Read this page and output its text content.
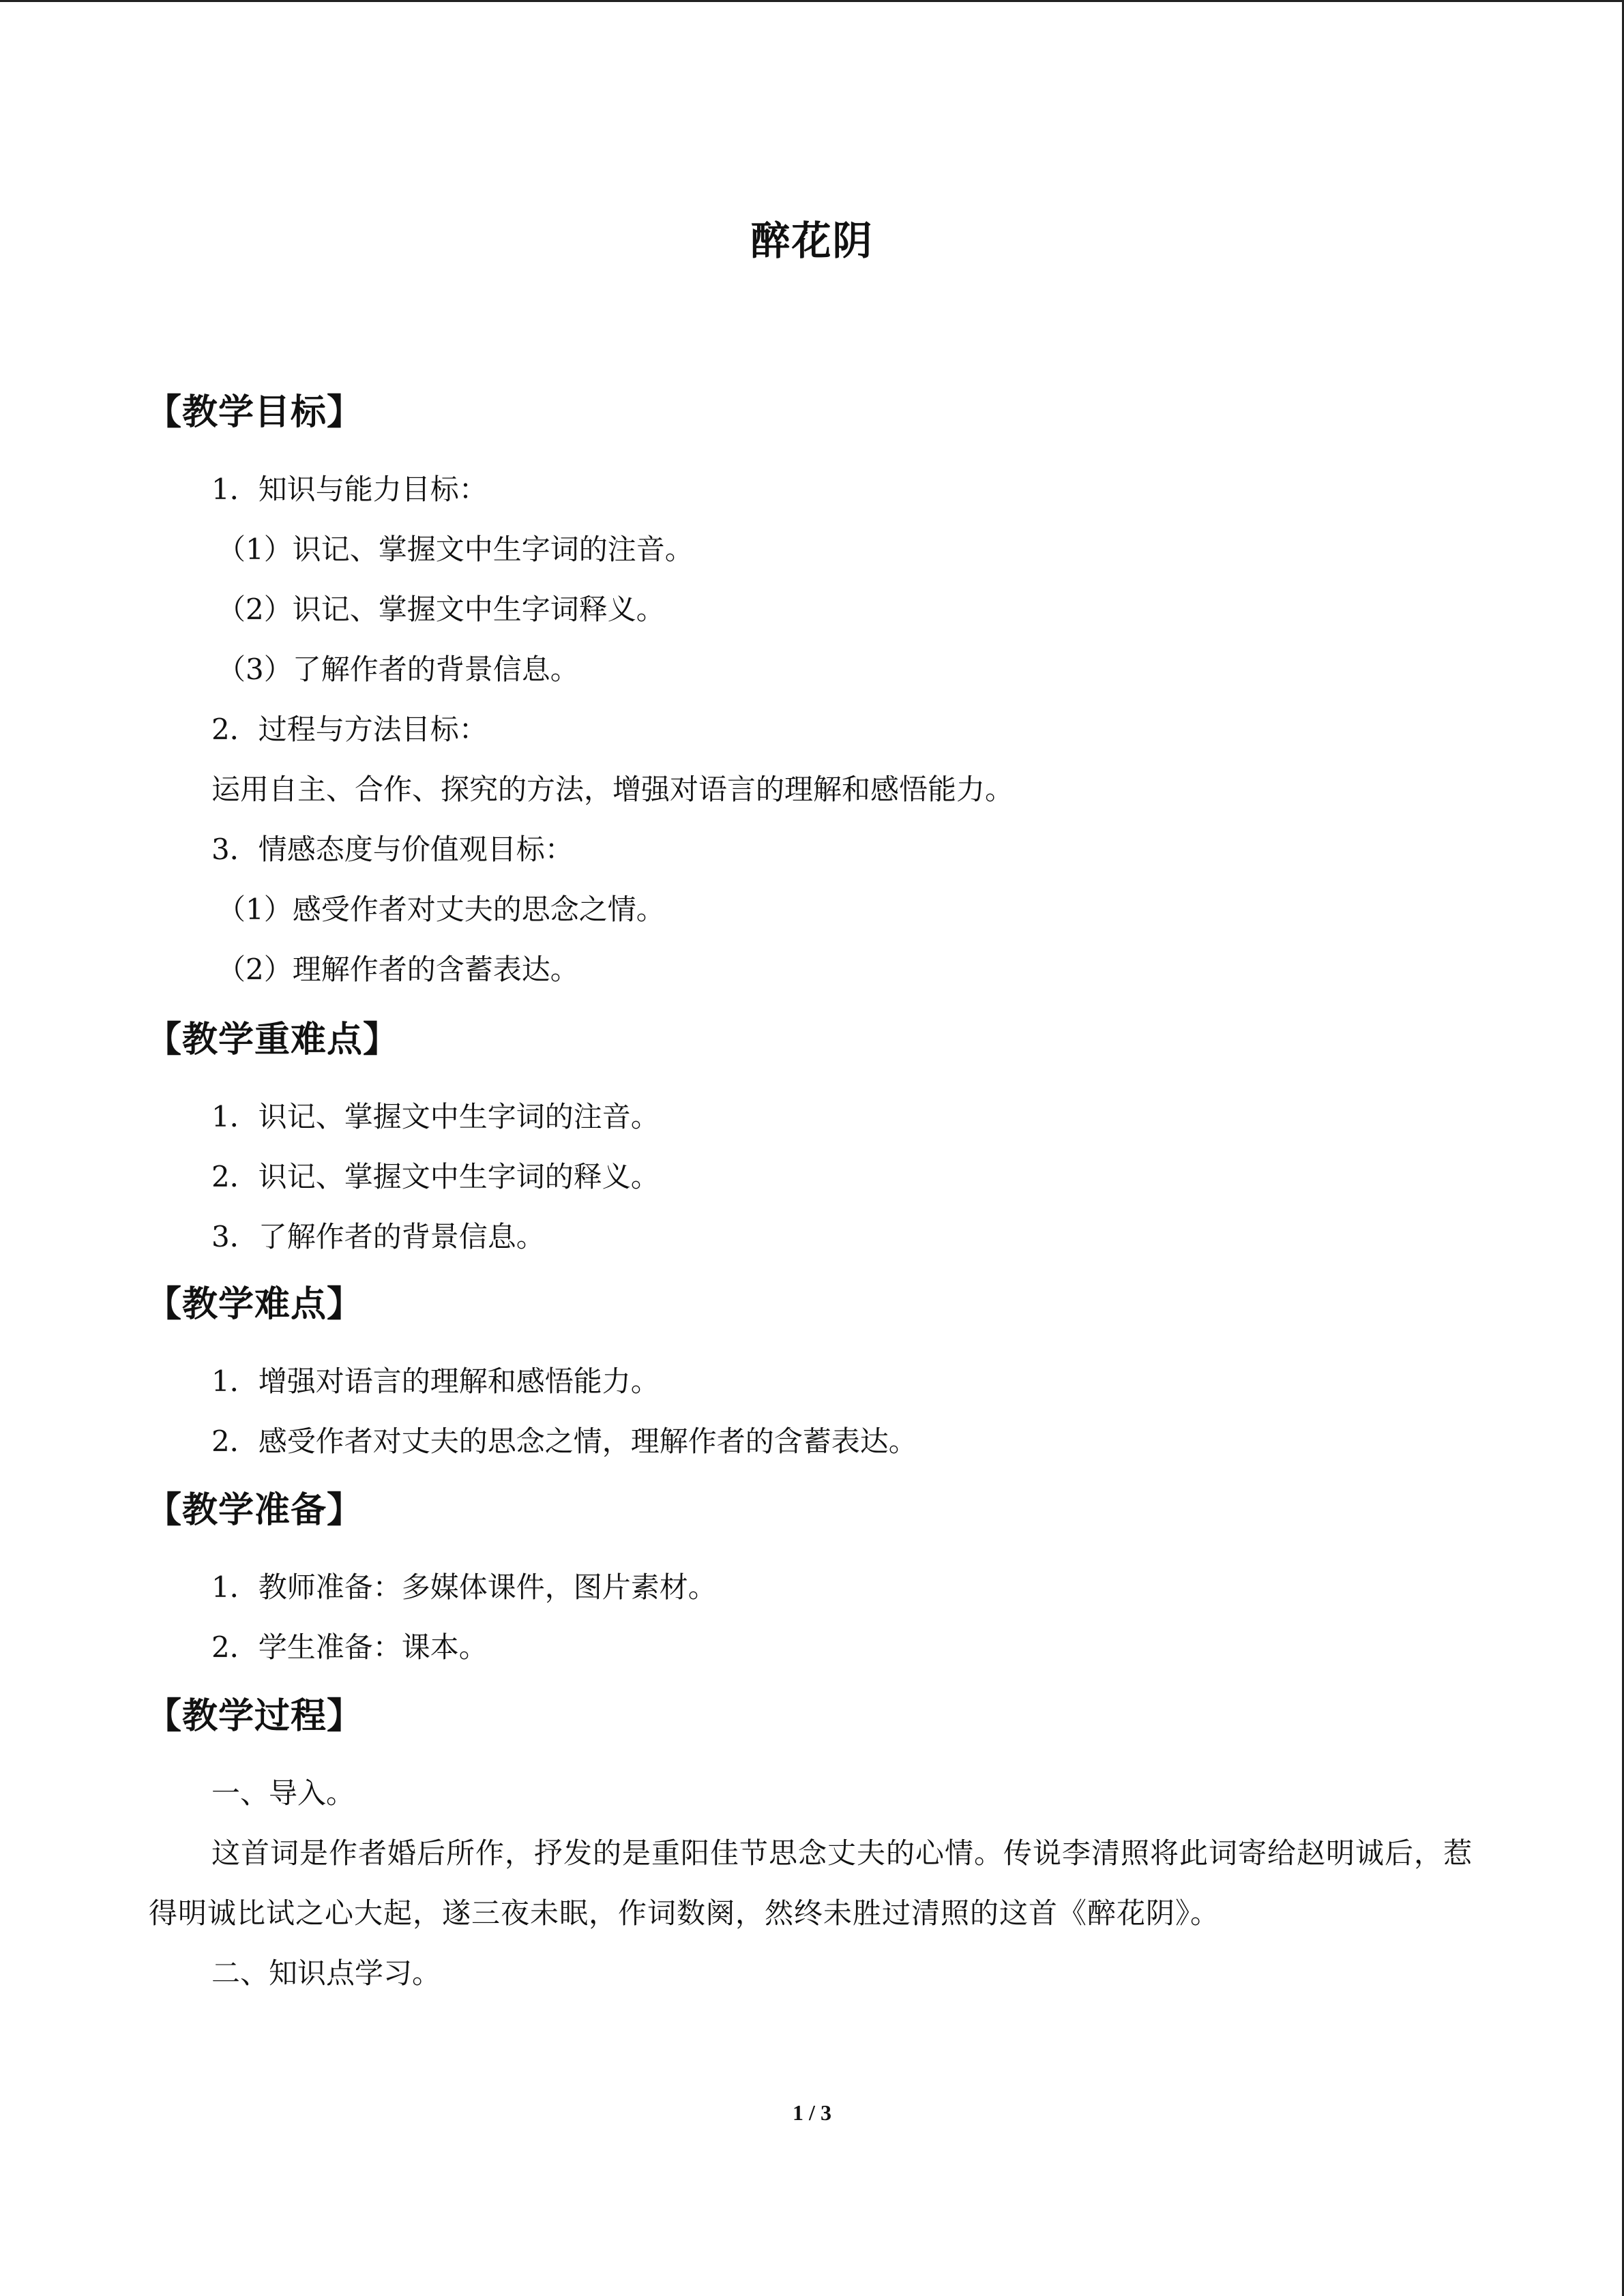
醉花阴

【教学目标】

1．知识与能力目标：

（1）识记、掌握文中生字词的注音。

（2）识记、掌握文中生字词释义。

（3）了解作者的背景信息。

2．过程与方法目标：

运用自主、合作、探究的方法，增强对语言的理解和感悟能力。

3．情感态度与价值观目标：

（1）感受作者对丈夫的思念之情。

（2）理解作者的含蓄表达。

【教学重难点】

1．识记、掌握文中生字词的注音。

2．识记、掌握文中生字词的释义。

3．了解作者的背景信息。

【教学难点】

1．增强对语言的理解和感悟能力。

2．感受作者对丈夫的思念之情，理解作者的含蓄表达。

【教学准备】

1．教师准备：多媒体课件，图片素材。

2．学生准备：课本。

【教学过程】

一、导入。

这首词是作者婚后所作，抒发的是重阳佳节思念丈夫的心情。传说李清照将此词寄给赵明诚后，惹得明诚比试之心大起，遂三夜未眠，作词数阕，然终未胜过清照的这首《醉花阴》。

二、知识点学习。

1 / 3
